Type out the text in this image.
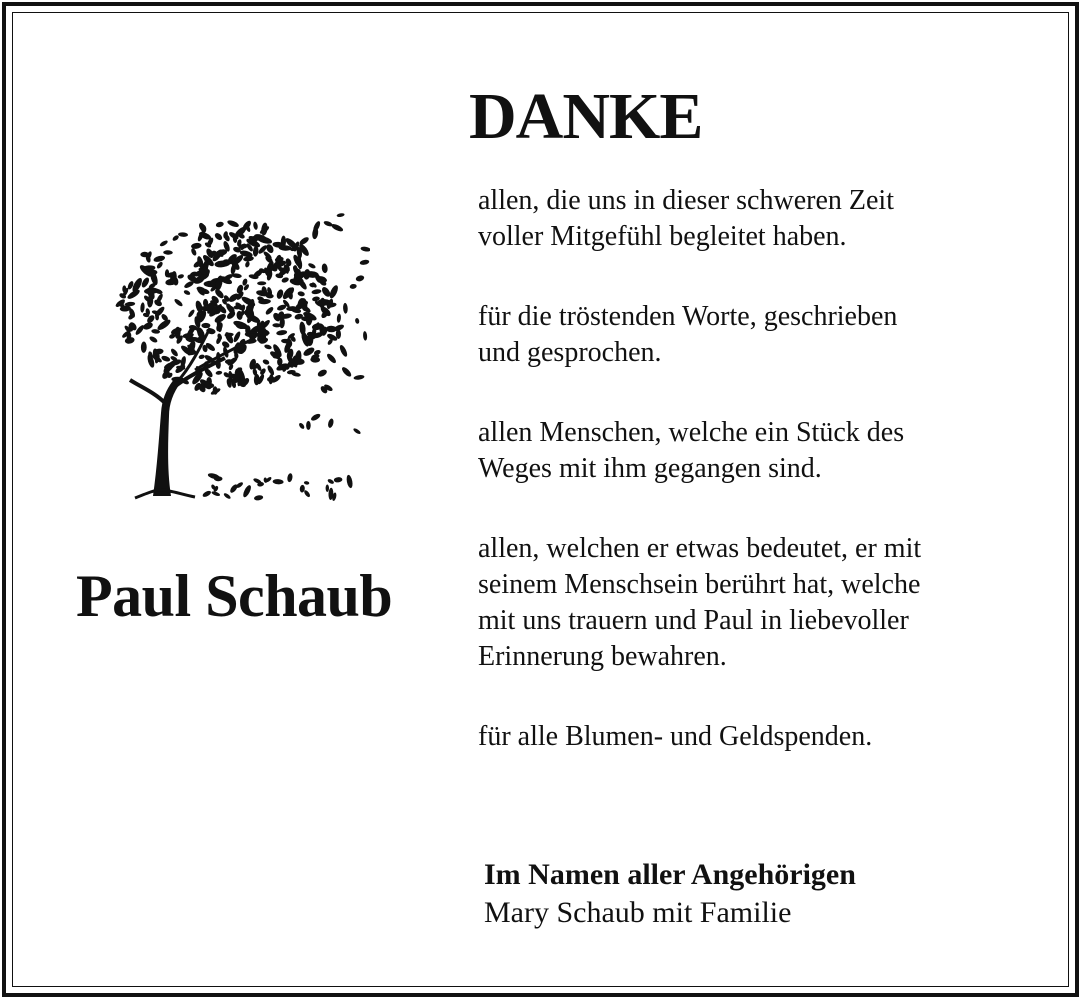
DANKE

allen, die uns in dieser schweren Zeit
voller Mitgefühl begleitet haben.

für die tröstenden Worte, geschrieben
und gesprochen.

allen Menschen, welche ein Stück des
Weges mit ihm gegangen sind.

allen, welchen er etwas bedeutet, er mit
seinem Menschsein berührt hat, welche
mit uns trauern und Paul in liebevoller
Erinnerung bewahren.

für alle Blumen- und Geldspenden.

Paul Schaub
Im Namen aller Angehörigen
Mary Schaub mit Familie
